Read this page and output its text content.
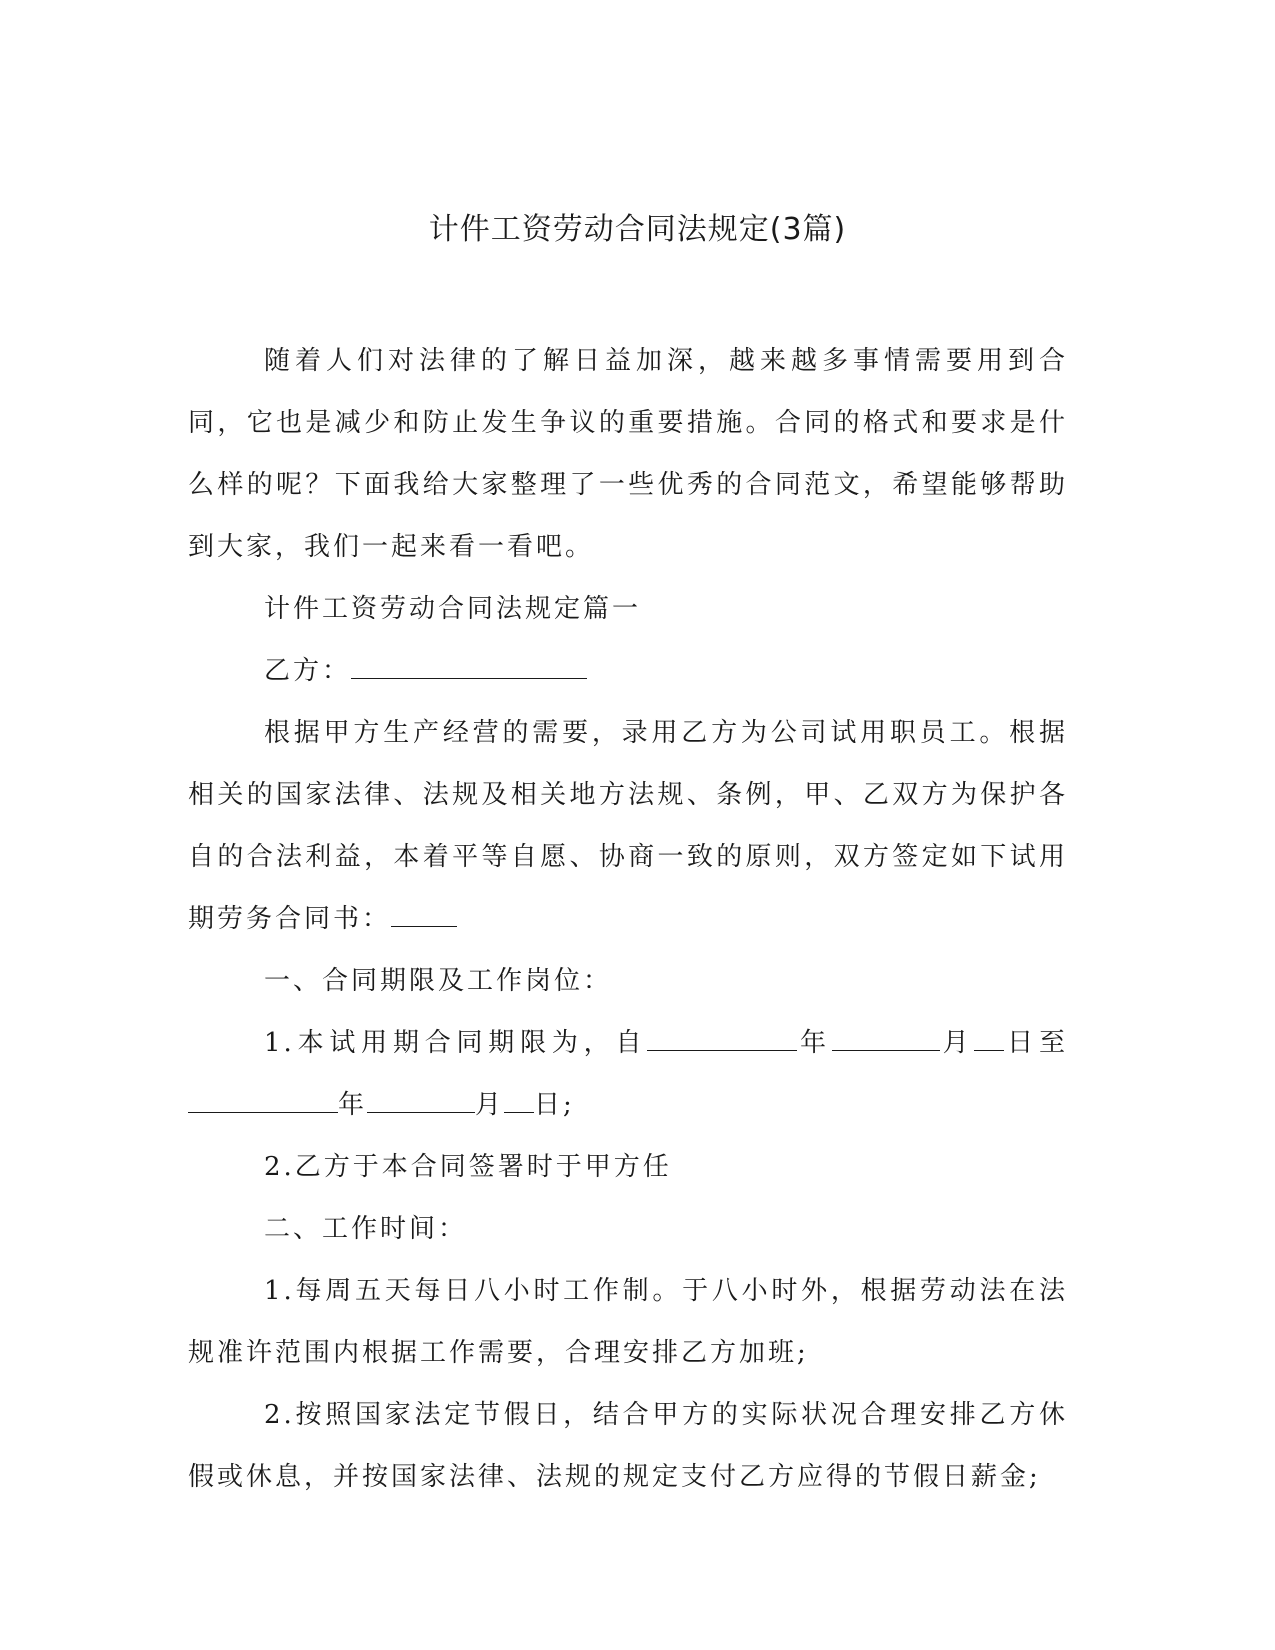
计件工资劳动合同法规定(3篇)

随着人们对法律的了解日益加深，越来越多事情需要用到合同，它也是减少和防止发生争议的重要措施。合同的格式和要求是什么样的呢？下面我给大家整理了一些优秀的合同范文，希望能够帮助到大家，我们一起来看一看吧。

计件工资劳动合同法规定篇一

乙方：

根据甲方生产经营的需要，录用乙方为公司试用职员工。根据相关的国家法律、法规及相关地方法规、条例，甲、乙双方为保护各自的合法利益，本着平等自愿、协商一致的原则，双方签定如下试用期劳务合同书：

一、合同期限及工作岗位：

1.本试用期合同期限为，自	年	月 日至年	月 日;

2.乙方于本合同签署时于甲方任

二、工作时间：

1.每周五天每日八小时工作制。于八小时外，根据劳动法在法规准许范围内根据工作需要，合理安排乙方加班;

2.按照国家法定节假日，结合甲方的实际状况合理安排乙方休假或休息，并按国家法律、法规的规定支付乙方应得的节假日薪金;
